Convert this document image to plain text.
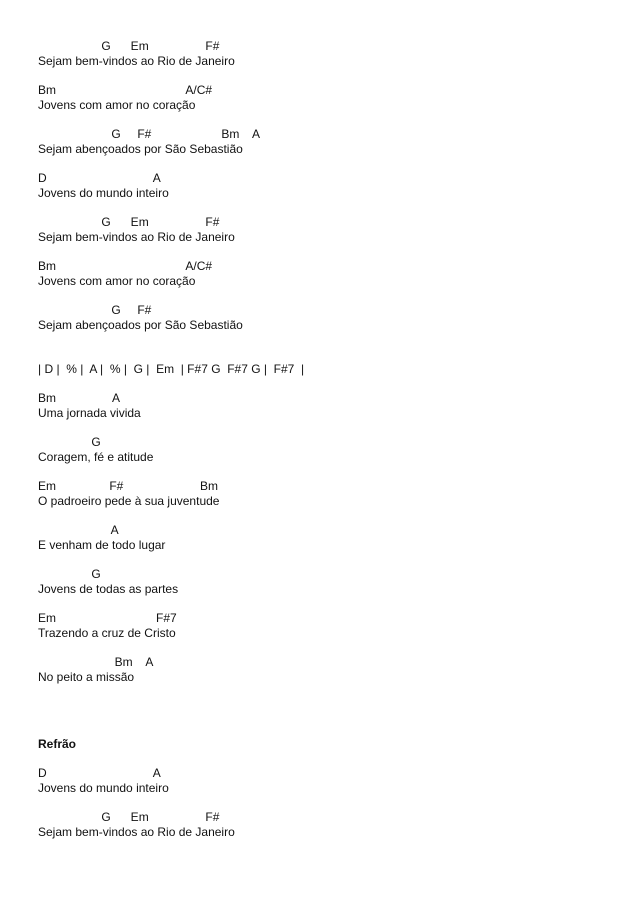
G      Em                 F#
Sejam bem-vindos ao Rio de Janeiro
Bm                                       A/C#
Jovens com amor no coração
G     F#                     Bm    A
Sejam abençoados por São Sebastião
D                                A
Jovens do mundo inteiro
G      Em                 F#
Sejam bem-vindos ao Rio de Janeiro
Bm                                       A/C#
Jovens com amor no coração
G     F#
Sejam abençoados por São Sebastião
| D |  % |  A |  % |  G |  Em  | F#7 G  F#7 G |  F#7  |
Bm                 A
Uma jornada vivida
G
Coragem, fé e atitude
Em                F#                       Bm
O padroeiro pede à sua juventude
A
E venham de todo lugar
G
Jovens de todas as partes
Em                              F#7
Trazendo a cruz de Cristo
Bm    A
No peito a missão
Refrão
D                                A
Jovens do mundo inteiro
G      Em                 F#
Sejam bem-vindos ao Rio de Janeiro
